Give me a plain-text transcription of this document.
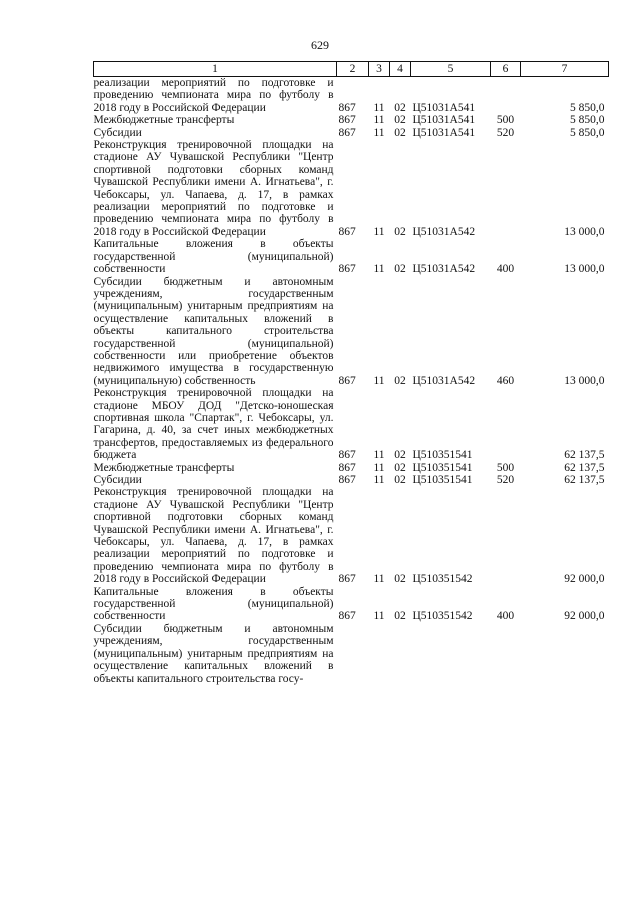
629
1	2	3	4	5	6	7
реализации мероприятий по подготовке и проведению чемпионата мира по футболу в 2018 году в Российской Федерации	867	11	02	Ц51031А541		5 850,0
Межбюджетные трансферты	867	11	02	Ц51031А541	500	5 850,0
Субсидии	867	11	02	Ц51031А541	520	5 850,0
Реконструкция тренировочной площадки на стадионе АУ Чувашской Республики "Центр спортивной подготовки сборных команд Чувашской Республики имени А. Игнатьева", г. Чебоксары, ул. Чапаева, д. 17, в рамках реализации мероприятий по подготовке и проведению чемпионата мира по футболу в 2018 году в Российской Федерации	867	11	02	Ц51031А542		13 000,0
Капитальные вложения в объекты государственной (муниципальной) собственности	867	11	02	Ц51031А542	400	13 000,0
Субсидии бюджетным и автономным учреждениям, государственным (муниципальным) унитарным предприятиям на осуществление капитальных вложений в объекты капитального строительства государственной (муниципальной) собственности или приобретение объектов недвижимого имущества в государственную (муниципальную) собственность	867	11	02	Ц51031А542	460	13 000,0
Реконструкция тренировочной площадки на стадионе МБОУ ДОД "Детско-юношеская спортивная школа "Спартак", г. Чебоксары, ул. Гагарина, д. 40, за счет иных межбюджетных трансфертов, предоставляемых из федерального бюджета	867	11	02	Ц510351541		62 137,5
Межбюджетные трансферты	867	11	02	Ц510351541	500	62 137,5
Субсидии	867	11	02	Ц510351541	520	62 137,5
Реконструкция тренировочной площадки на стадионе АУ Чувашской Республики "Центр спортивной подготовки сборных команд Чувашской Республики имени А. Игнатьева", г. Чебоксары, ул. Чапаева, д. 17, в рамках реализации мероприятий по подготовке и проведению чемпионата мира по футболу в 2018 году в Российской Федерации	867	11	02	Ц510351542		92 000,0
Капитальные вложения в объекты государственной (муниципальной) собственности	867	11	02	Ц510351542	400	92 000,0
Субсидии бюджетным и автономным учреждениям, государственным (муниципальным) унитарным предприятиям на осуществление капитальных вложений в объекты капитального строительства госу-						
